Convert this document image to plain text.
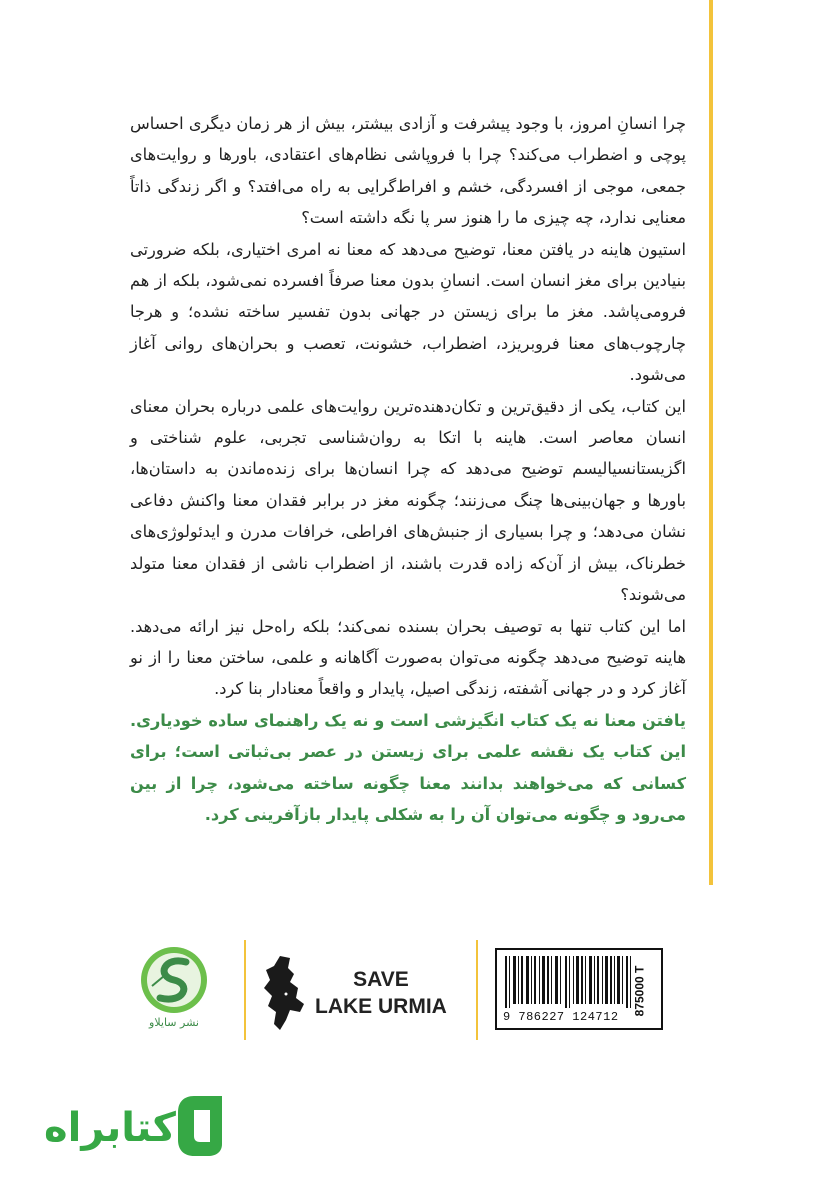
چرا انسانِ امروز، با وجود پیشرفت و آزادی بیشتر، بیش از هر زمان دیگری احساس پوچی و اضطراب می‌کند؟ چرا با فروپاشی نظام‌های اعتقادی، باورها و روایت‌های جمعی، موجی از افسردگی، خشم و افراط‌گرایی به راه می‌افتد؟ و اگر زندگی ذاتاً معنایی ندارد، چه چیزی ما را هنوز سر پا نگه داشته است؟

استیون هاینه در یافتن معنا، توضیح می‌دهد که معنا نه امری اختیاری، بلکه ضرورتی بنیادین برای مغز انسان است. انسانِ بدون معنا صرفاً افسرده نمی‌شود، بلکه از هم فرومی‌پاشد. مغز ما برای زیستن در جهانی بدون تفسیر ساخته نشده؛ و هرجا چارچوب‌های معنا فروبریزد، اضطراب، خشونت، تعصب و بحران‌های روانی آغاز می‌شود.

این کتاب، یکی از دقیق‌ترین و تکان‌دهنده‌ترین روایت‌های علمی درباره بحران معنای انسان معاصر است. هاینه با اتکا به روان‌شناسی تجربی، علوم شناختی و اگزیستانسیالیسم توضیح می‌دهد که چرا انسان‌ها برای زنده‌ماندن به داستان‌ها، باورها و جهان‌بینی‌ها چنگ می‌زنند؛ چگونه مغز در برابر فقدان معنا واکنش دفاعی نشان می‌دهد؛ و چرا بسیاری از جنبش‌های افراطی، خرافات مدرن و ایدئولوژی‌های خطرناک، بیش از آن‌که زاده قدرت باشند، از اضطراب ناشی از فقدان معنا متولد می‌شوند؟

اما این کتاب تنها به توصیف بحران بسنده نمی‌کند؛ بلکه راه‌حل نیز ارائه می‌دهد. هاینه توضیح می‌دهد چگونه می‌توان به‌صورت آگاهانه و علمی، ساختن معنا را از نو آغاز کرد و در جهانی آشفته، زندگی اصیل، پایدار و واقعاً معنادار بنا کرد.

یافتن معنا نه یک کتاب انگیزشی است و نه یک راهنمای ساده خودیاری. این کتاب یک نقشه علمی برای زیستن در عصر بی‌ثباتی است؛ برای کسانی که می‌خواهند بدانند معنا چگونه ساخته می‌شود، چرا از بین می‌رود و چگونه می‌توان آن را به شکلی پایدار بازآفرینی کرد.

نشر سایلاو
SAVE
LAKE URMIA	9 786227 124712
875000 T
کتابراه
